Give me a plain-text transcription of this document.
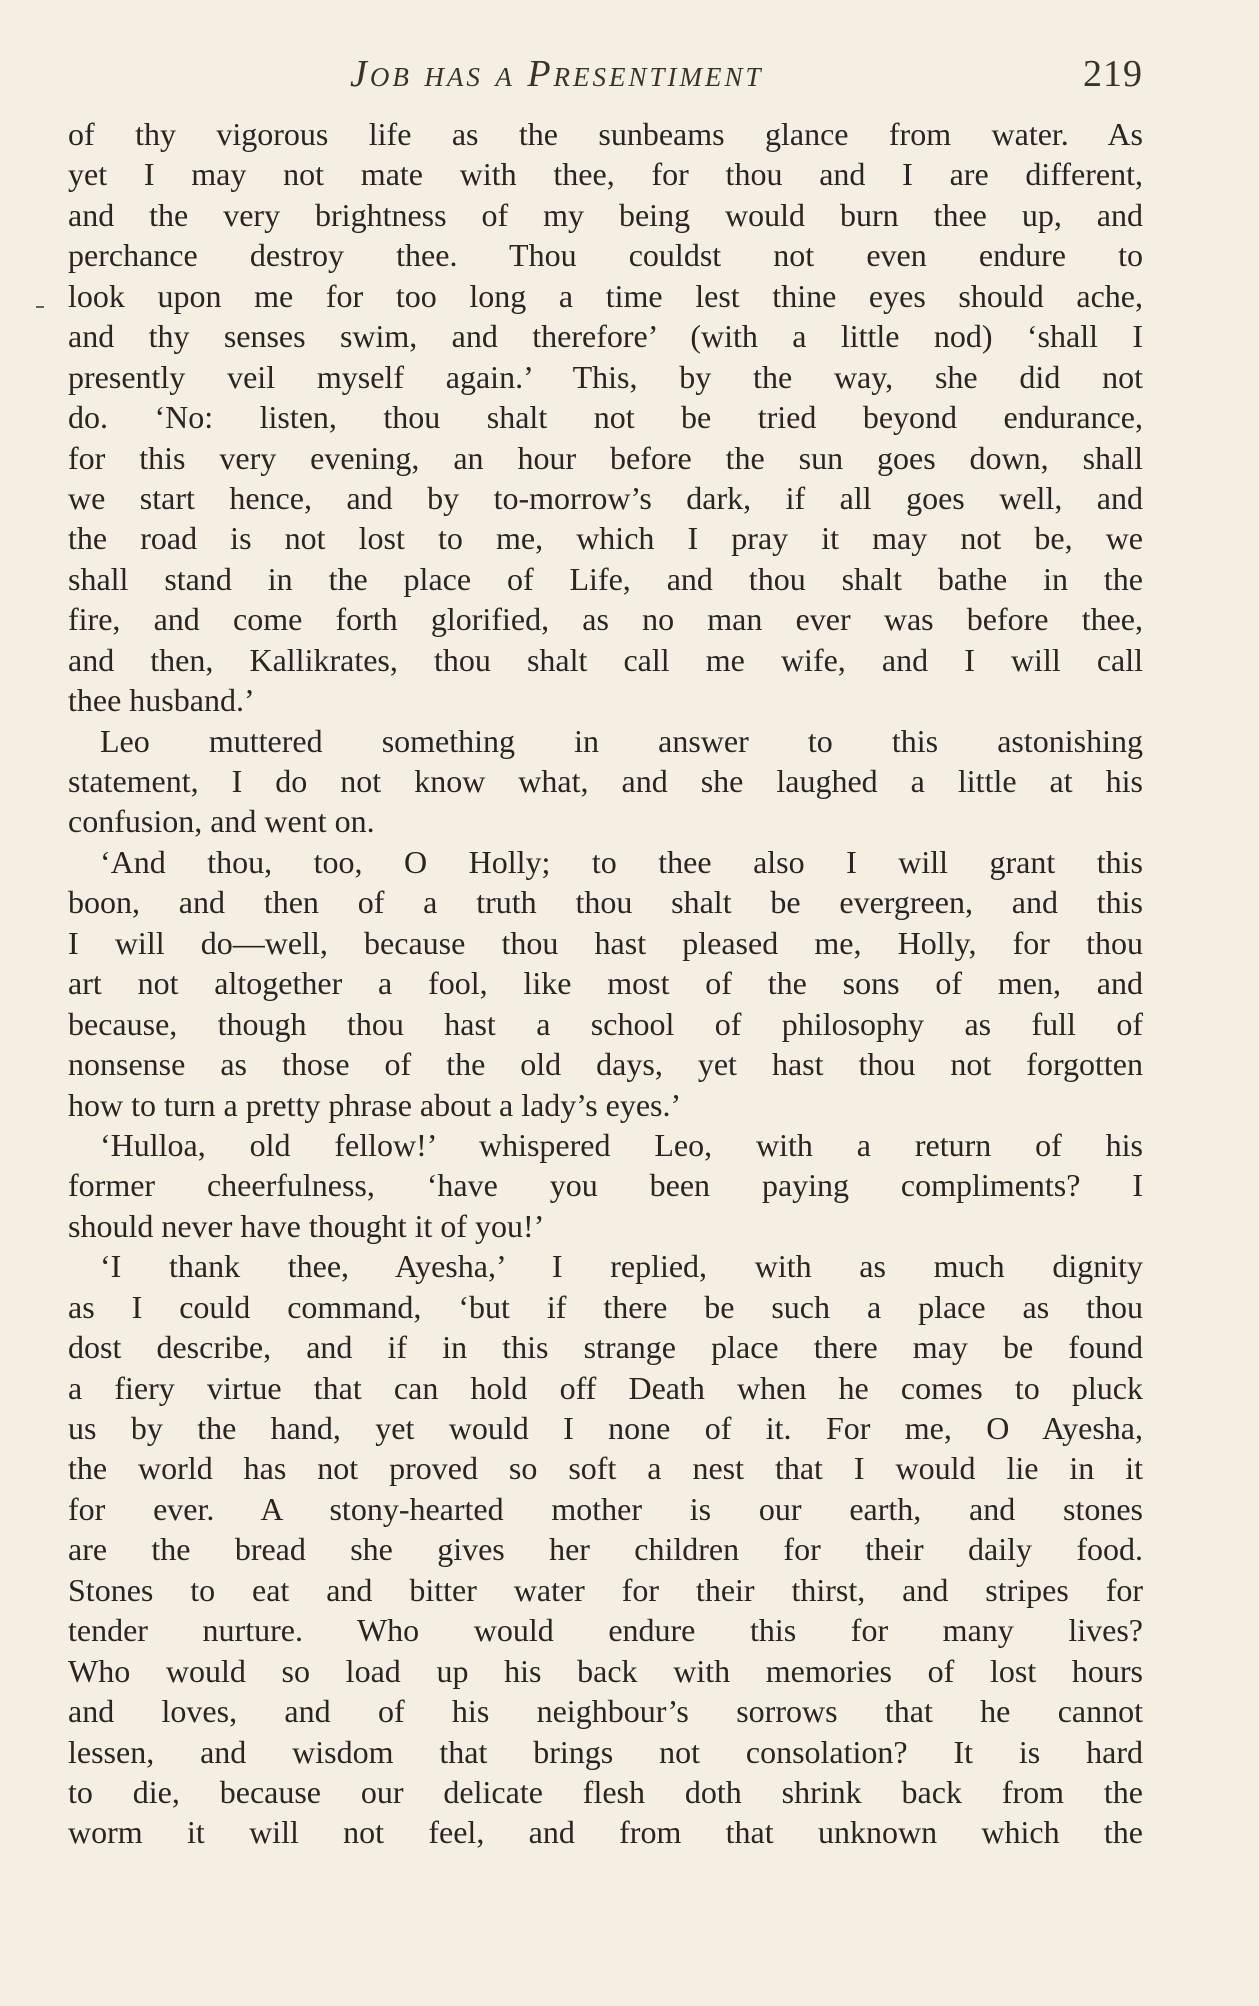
Job has a Presentiment	219
of thy vigorous life as the sunbeams glance from water. As
yet I may not mate with thee, for thou and I are different,
and the very brightness of my being would burn thee up, and
perchance destroy thee. Thou couldst not even endure to
look upon me for too long a time lest thine eyes should ache,
and thy senses swim, and therefore’ (with a little nod) ‘shall I
presently veil myself again.’ This, by the way, she did not
do. ‘No: listen, thou shalt not be tried beyond endurance,
for this very evening, an hour before the sun goes down, shall
we start hence, and by to-morrow’s dark, if all goes well, and
the road is not lost to me, which I pray it may not be, we
shall stand in the place of Life, and thou shalt bathe in the
fire, and come forth glorified, as no man ever was before thee,
and then, Kallikrates, thou shalt call me wife, and I will call
thee husband.’
Leo muttered something in answer to this astonishing
statement, I do not know what, and she laughed a little at his
confusion, and went on.
‘And thou, too, O Holly; to thee also I will grant this
boon, and then of a truth thou shalt be evergreen, and this
I will do—well, because thou hast pleased me, Holly, for thou
art not altogether a fool, like most of the sons of men, and
because, though thou hast a school of philosophy as full of
nonsense as those of the old days, yet hast thou not forgotten
how to turn a pretty phrase about a lady’s eyes.’
‘Hulloa, old fellow!’ whispered Leo, with a return of his
former cheerfulness, ‘have you been paying compliments? I
should never have thought it of you!’
‘I thank thee, Ayesha,’ I replied, with as much dignity
as I could command, ‘but if there be such a place as thou
dost describe, and if in this strange place there may be found
a fiery virtue that can hold off Death when he comes to pluck
us by the hand, yet would I none of it. For me, O Ayesha,
the world has not proved so soft a nest that I would lie in it
for ever. A stony-hearted mother is our earth, and stones
are the bread she gives her children for their daily food.
Stones to eat and bitter water for their thirst, and stripes for
tender nurture. Who would endure this for many lives?
Who would so load up his back with memories of lost hours
and loves, and of his neighbour’s sorrows that he cannot
lessen, and wisdom that brings not consolation? It is hard
to die, because our delicate flesh doth shrink back from the
worm it will not feel, and from that unknown which the
